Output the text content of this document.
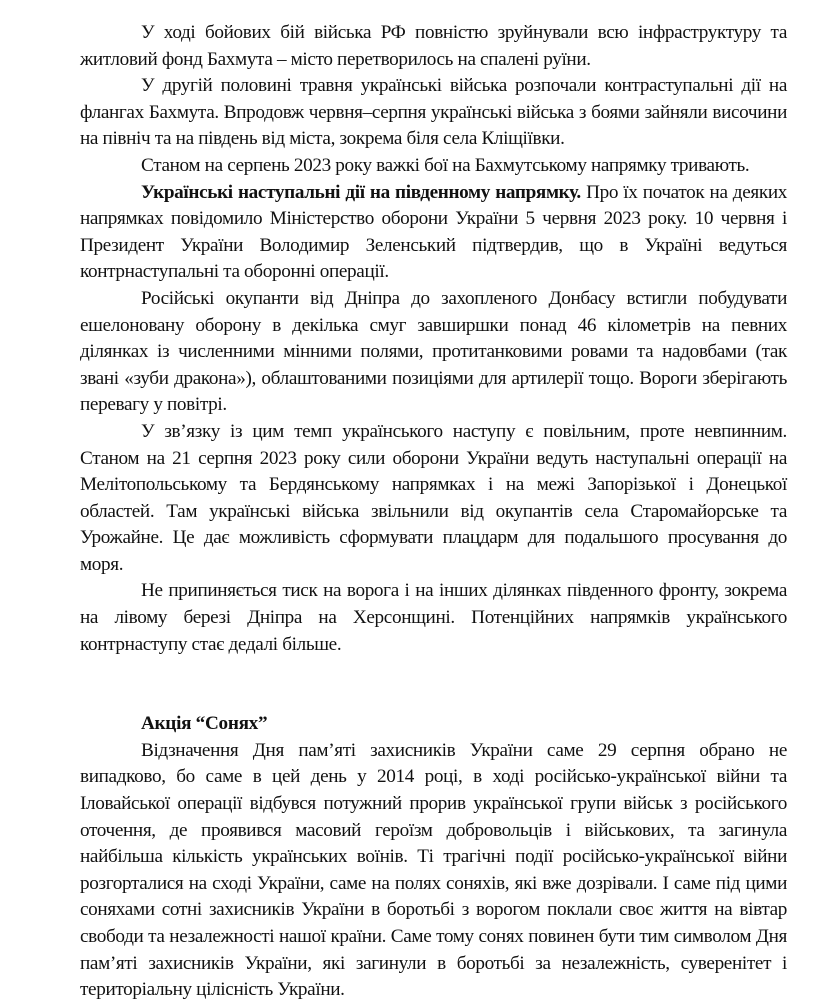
У ході бойових бій війська РФ повністю зруйнували всю інфраструктуру та житловий фонд Бахмута – місто перетворилось на спалені руїни.

У другій половині травня українські війська розпочали контраступальні дії на флангах Бахмута. Впродовж червня–серпня українські війська з боями зайняли височини на північ та на південь від міста, зокрема біля села Кліщіївки.

Станом на серпень 2023 року важкі бої на Бахмутському напрямку тривають.

Українські наступальні дії на південному напрямку. Про їх початок на деяких напрямках повідомило Міністерство оборони України 5 червня 2023 року. 10 червня і Президент України Володимир Зеленський підтвердив, що в Україні ведуться контрнаступальні та оборонні операції.

Російські окупанти від Дніпра до захопленого Донбасу встигли побудувати ешелоновану оборону в декілька смуг завширшки понад 46 кілометрів на певних ділянках із численними мінними полями, протитанковими ровами та надовбами (так звані «зуби дракона»), облаштованими позиціями для артилерії тощо. Вороги зберігають перевагу у повітрі.

У зв’язку із цим темп українського наступу є повільним, проте невпинним. Станом на 21 серпня 2023 року сили оборони України ведуть наступальні операції на Мелітопольському та Бердянському напрямках і на межі Запорізької і Донецької областей. Там українські війська звільнили від окупантів села Старомайорське та Урожайне. Це дає можливість сформувати плацдарм для подальшого просування до моря.

Не припиняється тиск на ворога і на інших ділянках південного фронту, зокрема на лівому березі Дніпра на Херсонщині. Потенційних напрямків українського контрнаступу стає дедалі більше.

Акція “Сонях”

Відзначення Дня пам’яті захисників України саме 29 серпня обрано не випадково, бо саме в цей день у 2014 році, в ході російсько-української війни та Іловайської операції відбувся потужний прорив української групи військ з російського оточення, де проявився масовий героїзм добровольців і військових, та загинула найбільша кількість українських воїнів. Ті трагічні події російсько-української війни розгорталися на сході України, саме на полях соняхів, які вже дозрівали. І саме під цими соняхами сотні захисників України в боротьбі з ворогом поклали своє життя на вівтар свободи та незалежності нашої країни. Саме тому сонях повинен бути тим символом Дня пам’яті захисників України, які загинули в боротьбі за незалежність, суверенітет і територіальну цілісність України.
